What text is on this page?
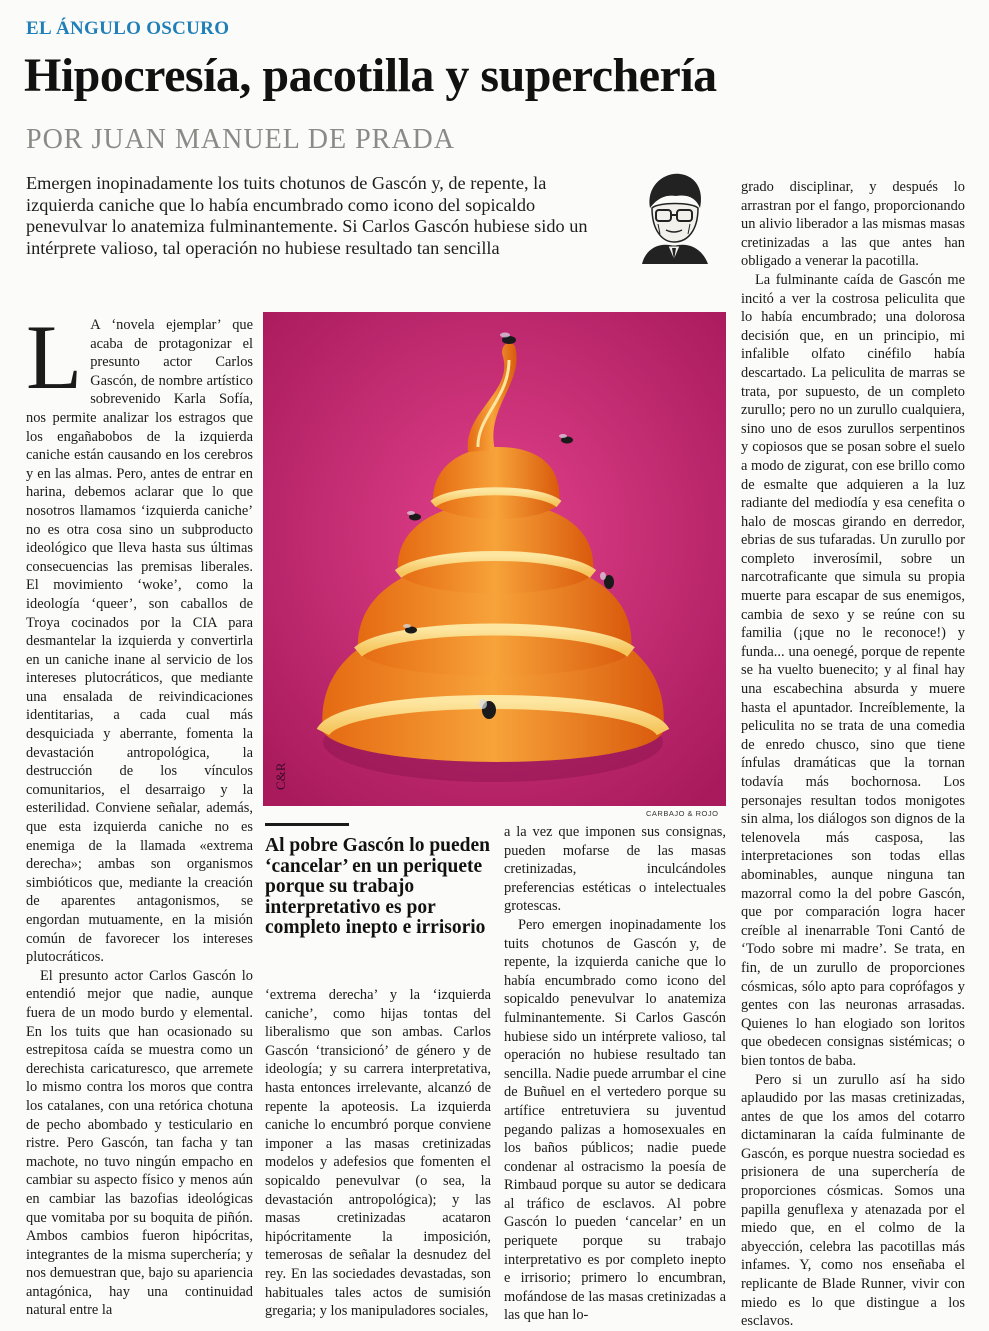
EL ÁNGULO OSCURO
Hipocresía, pacotilla y superchería
POR JUAN MANUEL DE PRADA
Emergen inopinadamente los tuits chotunos de Gascón y, de repente, la izquierda caniche que lo había encumbrado como icono del sopicaldo penevulvar lo anatemiza fulminantemente. Si Carlos Gascón hubiese sido un intérprete valioso, tal operación no hubiese resultado tan sencilla
C&R
CARBAJO & ROJO
Al pobre Gascón lo pueden ‘cancelar’ en un periquete porque su trabajo interpretativo es por completo inepto e irrisorio

L A ‘novela ejemplar’ que acaba de protagonizar el presunto actor Carlos Gascón, de nombre artístico sobrevenido Karla Sofía, nos permite analizar los estragos que los engañabobos de la izquierda caniche están causando en los cerebros y en las almas. Pero, antes de entrar en harina, debemos aclarar que lo que nosotros llamamos ‘izquierda caniche’ no es otra cosa sino un subproducto ideológico que lleva hasta sus últimas consecuencias las premisas liberales. El movimiento ‘woke’, como la ideología ‘queer’, son caballos de Troya cocinados por la CIA para desmantelar la izquierda y convertirla en un caniche inane al servicio de los intereses plutocráticos, que mediante una ensalada de reivindicaciones identitarias, a cada cual más desquiciada y aberrante, fomenta la devastación antropológica, la destrucción de los vínculos comunitarios, el desarraigo y la esterilidad. Conviene señalar, además, que esta izquierda caniche no es enemiga de la llamada «extrema derecha»; ambas son organismos simbióticos que, mediante la creación de aparentes antagonismos, se engordan mutuamente, en la misión común de favorecer los intereses plutocráticos.

El presunto actor Carlos Gascón lo entendió mejor que nadie, aunque fuera de un modo burdo y elemental. En los tuits que han ocasionado su estrepitosa caída se muestra como un derechista caricaturesco, que arremete lo mismo contra los moros que contra los catalanes, con una retórica chotuna de pecho abombado y testiculario en ristre. Pero Gascón, tan facha y tan machote, no tuvo ningún empacho en cambiar su aspecto físico y menos aún en cambiar las bazofias ideológicas que vomitaba por su boquita de piñón. Ambos cambios fueron hipócritas, integrantes de la misma superchería; y nos demuestran que, bajo su apariencia antagónica, hay una continuidad natural entre la

‘extrema derecha’ y la ‘izquierda caniche’, como hijas tontas del liberalismo que son ambas. Carlos Gascón ‘transicionó’ de género y de ideología; y su carrera interpretativa, hasta entonces irrelevante, alcanzó de repente la apoteosis. La izquierda caniche lo encumbró porque conviene imponer a las masas cretinizadas modelos y adefesios que fomenten el sopicaldo penevulvar (o sea, la devastación antropológica); y las masas cretinizadas acataron hipócritamente la imposición, temerosas de señalar la desnudez del rey. En las sociedades devastadas, son habituales tales actos de sumisión gregaria; y los manipuladores sociales,

a la vez que imponen sus consignas, pueden mofarse de las masas cretinizadas, inculcándoles preferencias estéticas o intelectuales grotescas.

Pero emergen inopinadamente los tuits chotunos de Gascón y, de repente, la izquierda caniche que lo había encumbrado como icono del sopicaldo penevulvar lo anatemiza fulminantemente. Si Carlos Gascón hubiese sido un intérprete valioso, tal operación no hubiese resultado tan sencilla. Nadie puede arrumbar el cine de Buñuel en el vertedero porque su artífice entretuviera su juventud pegando palizas a homosexuales en los baños públicos; nadie puede condenar al ostracismo la poesía de Rimbaud porque su autor se dedicara al tráfico de esclavos. Al pobre Gascón lo pueden ‘cancelar’ en un periquete porque su trabajo interpretativo es por completo inepto e irrisorio; primero lo encumbran, mofándose de las masas cretinizadas a las que han lo-

grado disciplinar, y después lo arrastran por el fango, proporcionando un alivio liberador a las mismas masas cretinizadas a las que antes han obligado a venerar la pacotilla.

La fulminante caída de Gascón me incitó a ver la costrosa peliculita que lo había encumbrado; una dolorosa decisión que, en un principio, mi infalible olfato cinéfilo había descartado. La peliculita de marras se trata, por supuesto, de un completo zurullo; pero no un zurullo cualquiera, sino uno de esos zurullos serpentinos y copiosos que se posan sobre el suelo a modo de zigurat, con ese brillo como de esmalte que adquieren a la luz radiante del mediodía y esa cenefita o halo de moscas girando en derredor, ebrias de sus tufaradas. Un zurullo por completo inverosímil, sobre un narcotraficante que simula su propia muerte para escapar de sus enemigos, cambia de sexo y se reúne con su familia (¡que no le reconoce!) y funda... una oenegé, porque de repente se ha vuelto buenecito; y al final hay una escabechina absurda y muere hasta el apuntador. Increíblemente, la peliculita no se trata de una comedia de enredo chusco, sino que tiene ínfulas dramáticas que la tornan todavía más bochornosa. Los personajes resultan todos monigotes sin alma, los diálogos son dignos de la telenovela más casposa, las interpretaciones son todas ellas abominables, aunque ninguna tan mazorral como la del pobre Gascón, que por comparación logra hacer creíble al inenarrable Toni Cantó de ‘Todo sobre mi madre’. Se trata, en fin, de un zurullo de proporciones cósmicas, sólo apto para coprófagos y gentes con las neuronas arrasadas. Quienes lo han elogiado son loritos que obedecen consignas sistémicas; o bien tontos de baba.

Pero si un zurullo así ha sido aplaudido por las masas cretinizadas, antes de que los amos del cotarro dictaminaran la caída fulminante de Gascón, es porque nuestra sociedad es prisionera de una superchería de proporciones cósmicas. Somos una papilla genuflexa y atenazada por el miedo que, en el colmo de la abyección, celebra las pacotillas más infames. Y, como nos enseñaba el replicante de Blade Runner, vivir con miedo es lo que distingue a los esclavos.
